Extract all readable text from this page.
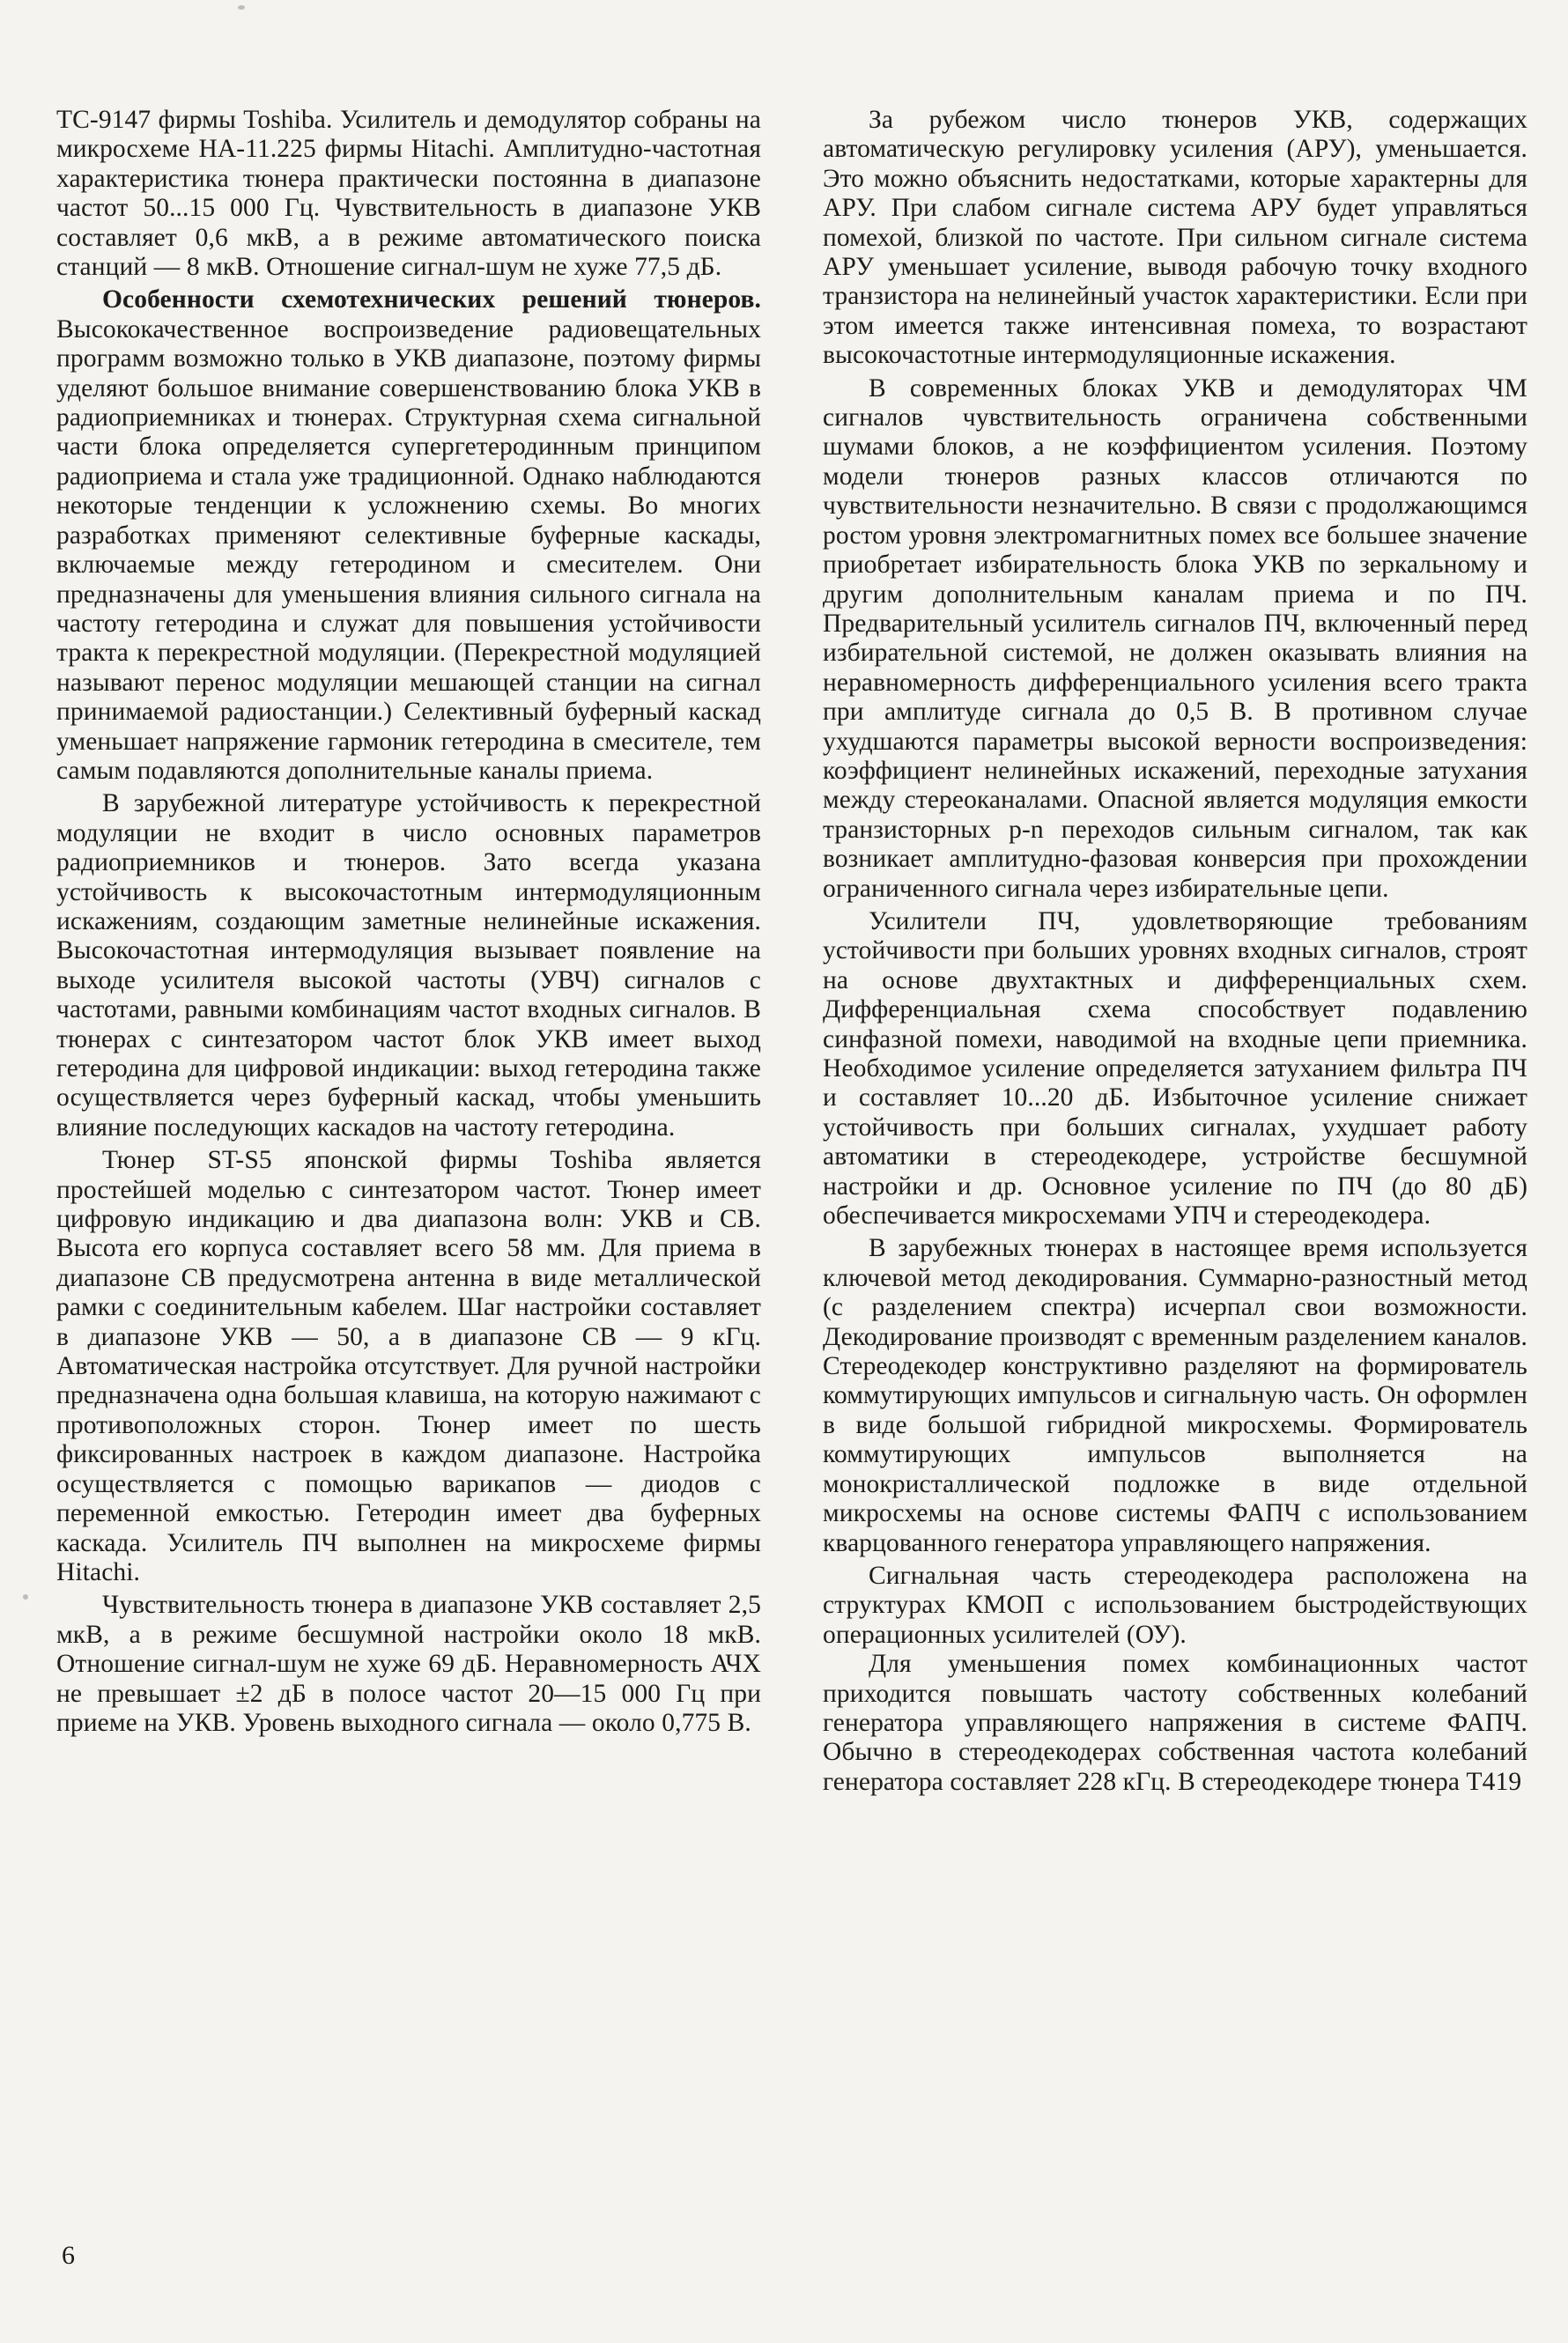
ТС-9147 фирмы Toshiba. Усилитель и демодулятор собраны на микросхеме НА-11.225 фирмы Hitachi. Амплитудно-частотная характеристика тюнера практически постоянна в диапазоне частот 50...15 000 Гц. Чувствительность в диапазоне УКВ составляет 0,6 мкВ, а в режиме автоматического поиска станций — 8 мкВ. Отношение сигнал-шум не хуже 77,5 дБ.

Особенности схемотехнических решений тюнеров. Высококачественное воспроизведение радиовещательных программ возможно только в УКВ диапазоне, поэтому фирмы уделяют большое внимание совершенствованию блока УКВ в радиоприемниках и тюнерах. Структурная схема сигнальной части блока определяется супергетеродинным принципом радиоприема и стала уже традиционной. Однако наблюдаются некоторые тенденции к усложнению схемы. Во многих разработках применяют селективные буферные каскады, включаемые между гетеродином и смесителем. Они предназначены для уменьшения влияния сильного сигнала на частоту гетеродина и служат для повышения устойчивости тракта к перекрестной модуляции. (Перекрестной модуляцией называют перенос модуляции мешающей станции на сигнал принимаемой радиостанции.) Селективный буферный каскад уменьшает напряжение гармоник гетеродина в смесителе, тем самым подавляются дополнительные каналы приема.

В зарубежной литературе устойчивость к перекрестной модуляции не входит в число основных параметров радиоприемников и тюнеров. Зато всегда указана устойчивость к высокочастотным интермодуляционным искажениям, создающим заметные нелинейные искажения. Высокочастотная интермодуляция вызывает появление на выходе усилителя высокой частоты (УВЧ) сигналов с частотами, равными комбинациям частот входных сигналов. В тюнерах с синтезатором частот блок УКВ имеет выход гетеродина для цифровой индикации: выход гетеродина также осуществляется через буферный каскад, чтобы уменьшить влияние последующих каскадов на частоту гетеродина.

Тюнер ST-S5 японской фирмы Toshiba является простейшей моделью с синтезатором частот. Тюнер имеет цифровую индикацию и два диапазона волн: УКВ и СВ. Высота его корпуса составляет всего 58 мм. Для приема в диапазоне СВ предусмотрена антенна в виде металлической рамки с соединительным кабелем. Шаг настройки составляет в диапазоне УКВ — 50, а в диапазоне СВ — 9 кГц. Автоматическая настройка отсутствует. Для ручной настройки предназначена одна большая клавиша, на которую нажимают с противоположных сторон. Тюнер имеет по шесть фиксированных настроек в каждом диапазоне. Настройка осуществляется с помощью варикапов — диодов с переменной емкостью. Гетеродин имеет два буферных каскада. Усилитель ПЧ выполнен на микросхеме фирмы Hitachi.

Чувствительность тюнера в диапазоне УКВ составляет 2,5 мкВ, а в режиме бесшумной настройки около 18 мкВ. Отношение сигнал-шум не хуже 69 дБ. Неравномерность АЧХ не превышает ±2 дБ в полосе частот 20—15 000 Гц при приеме на УКВ. Уровень выходного сигнала — около 0,775 В.

За рубежом число тюнеров УКВ, содержащих автоматическую регулировку усиления (АРУ), уменьшается. Это можно объяснить недостатками, которые характерны для АРУ. При слабом сигнале система АРУ будет управляться помехой, близкой по частоте. При сильном сигнале система АРУ уменьшает усиление, выводя рабочую точку входного транзистора на нелинейный участок характеристики. Если при этом имеется также интенсивная помеха, то возрастают высокочастотные интермодуляционные искажения.

В современных блоках УКВ и демодуляторах ЧМ сигналов чувствительность ограничена собственными шумами блоков, а не коэффициентом усиления. Поэтому модели тюнеров разных классов отличаются по чувствительности незначительно. В связи с продолжающимся ростом уровня электромагнитных помех все большее значение приобретает избирательность блока УКВ по зеркальному и другим дополнительным каналам приема и по ПЧ. Предварительный усилитель сигналов ПЧ, включенный перед избирательной системой, не должен оказывать влияния на неравномерность дифференциального усиления всего тракта при амплитуде сигнала до 0,5 В. В противном случае ухудшаются параметры высокой верности воспроизведения: коэффициент нелинейных искажений, переходные затухания между стереоканалами. Опасной является модуляция емкости транзисторных p-n переходов сильным сигналом, так как возникает амплитудно-фазовая конверсия при прохождении ограниченного сигнала через избирательные цепи.

Усилители ПЧ, удовлетворяющие требованиям устойчивости при больших уровнях входных сигналов, строят на основе двухтактных и дифференциальных схем. Дифференциальная схема способствует подавлению синфазной помехи, наводимой на входные цепи приемника. Необходимое усиление определяется затуханием фильтра ПЧ и составляет 10...20 дБ. Избыточное усиление снижает устойчивость при больших сигналах, ухудшает работу автоматики в стереодекодере, устройстве бесшумной настройки и др. Основное усиление по ПЧ (до 80 дБ) обеспечивается микросхемами УПЧ и стереодекодера.

В зарубежных тюнерах в настоящее время используется ключевой метод декодирования. Суммарно-разностный метод (с разделением спектра) исчерпал свои возможности. Декодирование производят с временным разделением каналов. Стереодекодер конструктивно разделяют на формирователь коммутирующих импульсов и сигнальную часть. Он оформлен в виде большой гибридной микросхемы. Формирователь коммутирующих импульсов выполняется на монокристаллической подложке в виде отдельной микросхемы на основе системы ФАПЧ с использованием кварцованного генератора управляющего напряжения.

Сигнальная часть стереодекодера расположена на структурах КМОП с использованием быстродействующих операционных усилителей (ОУ).

Для уменьшения помех комбинационных частот приходится повышать частоту собственных колебаний генератора управляющего напряжения в системе ФАПЧ. Обычно в стереодекодерах собственная частота колебаний генератора составляет 228 кГц. В стереодекодере тюнера Т419

6
